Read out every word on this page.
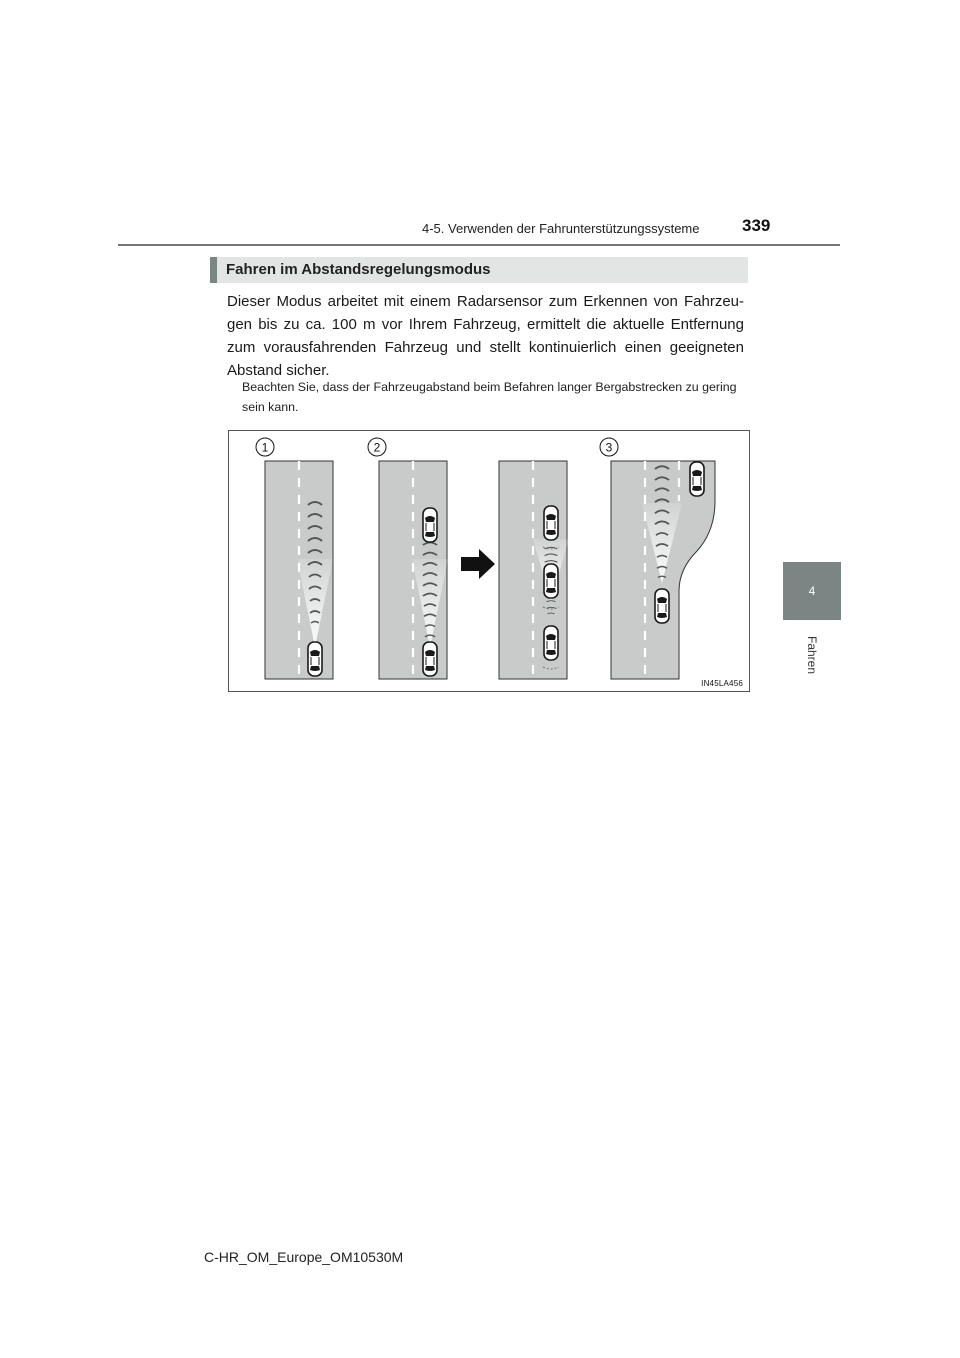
4-5. Verwenden der Fahrunterstützungssysteme	339
4
Fahren
Fahren im Abstandsregelungsmodus

Dieser Modus arbeitet mit einem Radarsensor zum Erkennen von Fahrzeu-gen bis zu ca. 100 m vor Ihrem Fahrzeug, ermittelt die aktuelle Entfernung zum vorausfahrenden Fahrzeug und stellt kontinuierlich einen geeigneten Abstand sicher.

Beachten Sie, dass der Fahrzeugabstand beim Befahren langer Bergabstrecken zu gering sein kann.

1	2	3
IN45LA456
C-HR_OM_Europe_OM10530M
